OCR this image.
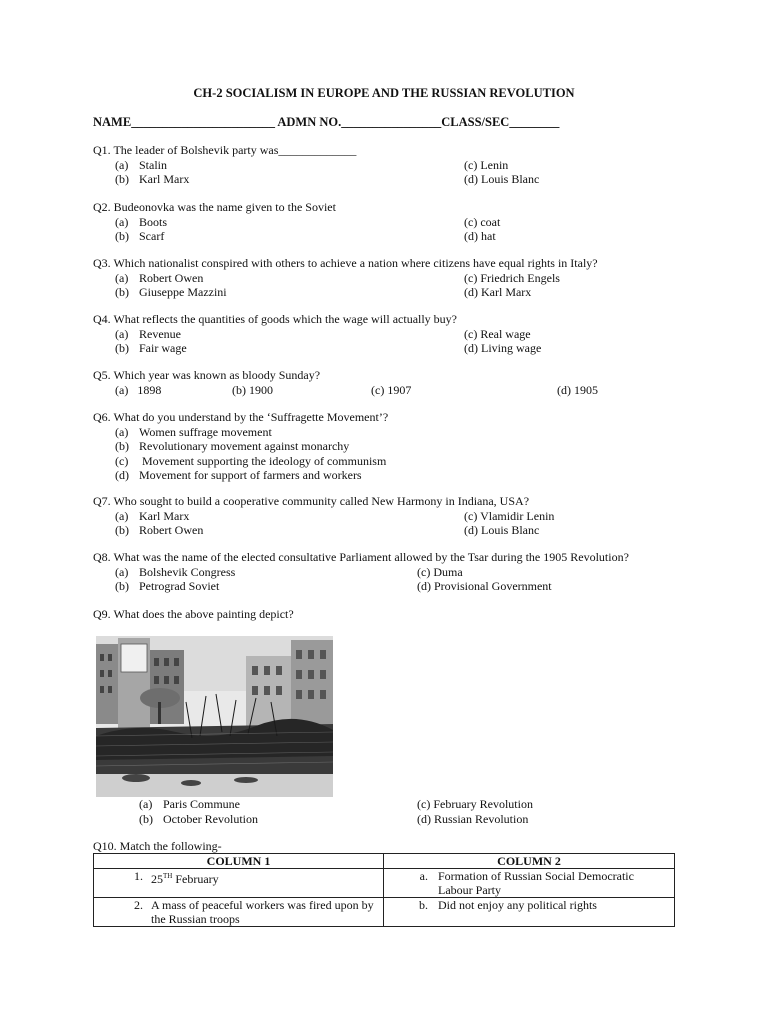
CH-2 SOCIALISM IN EUROPE AND THE RUSSIAN REVOLUTION
NAME_______________________ ADMN NO.________________CLASS/SEC________
Q1. The leader of Bolshevik party was_____________
(a) Stalin	(c) Lenin
(b) Karl Marx	(d) Louis Blanc
Q2. Budeonovka was the name given to the Soviet
(a) Boots	(c) coat
(b) Scarf	(d) hat
Q3. Which nationalist conspired with others to achieve a nation where citizens have equal rights in Italy?
(a) Robert Owen	(c) Friedrich Engels
(b) Giuseppe Mazzini	(d) Karl Marx
Q4. What reflects the quantities of goods which the wage will actually buy?
(a) Revenue	(c) Real wage
(b) Fair wage	(d) Living wage
Q5. Which year was known as bloody Sunday?
(a)   1898	(b) 1900	(c) 1907	(d) 1905
Q6. What do you understand by the ‘Suffragette Movement’?
(a) Women suffrage movement
(b) Revolutionary movement against monarchy
(c) Movement supporting the ideology of communism
(d) Movement for support of farmers and workers
Q7. Who sought to build a cooperative community called New Harmony in Indiana, USA?
(a) Karl Marx	(c) Vlamidir Lenin
(b) Robert Owen	(d) Louis Blanc
Q8. What was the name of the elected consultative Parliament allowed by the Tsar during the 1905 Revolution?
(a) Bolshevik Congress	(c) Duma
(b) Petrograd Soviet	(d) Provisional Government
Q9. What does the above painting depict?
(a) Paris Commune	(c) February Revolution
(b) October Revolution	(d) Russian Revolution
Q10. Match the following-
COLUMN 1	COLUMN 2

1. 25TH February	a. Formation of Russian Social Democratic Labour Party

2. A mass of peaceful workers was fired upon by the Russian troops	b. Did not enjoy any political rights
